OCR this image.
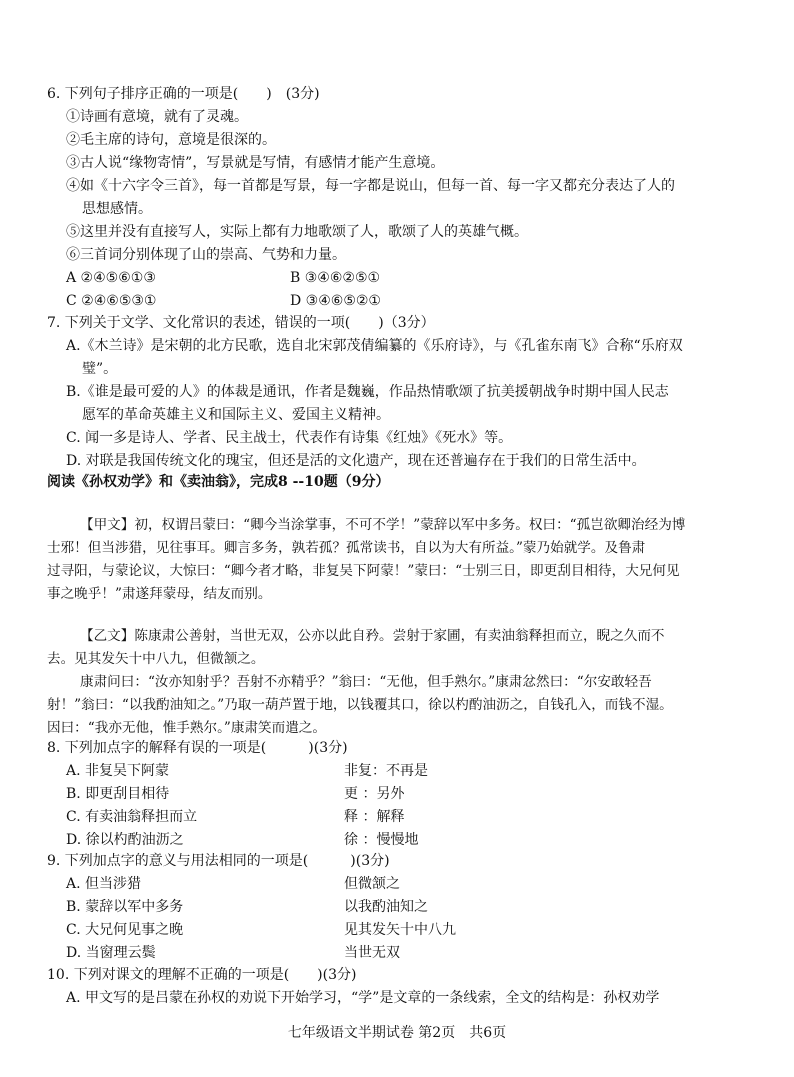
6. 下列句子排序正确的一项是(　　)　(3分)
①诗画有意境，就有了灵魂。
②毛主席的诗句，意境是很深的。
③古人说“缘物寄情”，写景就是写情，有感情才能产生意境。
④如《十六字令三首》，每一首都是写景，每一字都是说山，但每一首、每一字又都充分表达了人的
思想感情。
⑤这里并没有直接写人，实际上都有力地歌颂了人，歌颂了人的英雄气概。
⑥三首词分别体现了山的崇高、气势和力量。
A ②④⑤⑥①③	B ③④⑥②⑤①
C ②④⑥⑤③①	D ③④⑥⑤②①
7. 下列关于文学、文化常识的表述，错误的一项(　　)（3分）
A.《木兰诗》是宋朝的北方民歌，选自北宋郭茂倩编纂的《乐府诗》，与《孔雀东南飞》合称“乐府双
璧”。
B.《谁是最可爱的人》的体裁是通讯，作者是魏巍，作品热情歌颂了抗美援朝战争时期中国人民志
愿军的革命英雄主义和国际主义、爱国主义精神。
C. 闻一多是诗人、学者、民主战士，代表作有诗集《红烛》《死水》等。
D. 对联是我国传统文化的瑰宝，但还是活的文化遗产，现在还普遍存在于我们的日常生活中。
阅读《孙权劝学》和《卖油翁》，完成8 --10题（9分）
【甲文】初，权谓吕蒙曰：“卿今当涂掌事，不可不学！”蒙辞以军中多务。权曰：“孤岂欲卿治经为博
士邪！但当涉猎，见往事耳。卿言多务，孰若孤？孤常读书，自以为大有所益。”蒙乃始就学。及鲁肃
过寻阳，与蒙论议，大惊曰：“卿今者才略，非复吴下阿蒙！”蒙曰：“士别三日，即更刮目相待，大兄何见
事之晚乎！”肃遂拜蒙母，结友而别。
【乙文】陈康肃公善射，当世无双，公亦以此自矜。尝射于家圃，有卖油翁释担而立，睨之久而不
去。见其发矢十中八九，但微颔之。
康肃问曰：“汝亦知射乎？吾射不亦精乎？”翁曰：“无他，但手熟尔。”康肃忿然曰：“尔安敢轻吾
射！”翁曰：“以我酌油知之。”乃取一葫芦置于地，以钱覆其口，徐以杓酌油沥之，自钱孔入，而钱不湿。
因曰：“我亦无他，惟手熟尔。”康肃笑而遣之。
8. 下列加点字的解释有误的一项是(　　　)(3分)
A. 非复吴下阿蒙	非复：不再是
B. 即更刮目相待	更 ：另外
C. 有卖油翁释担而立	释 ：解释
D. 徐以杓酌油沥之	徐 ：慢慢地
9. 下列加点字的意义与用法相同的一项是(　　　)(3分)
A. 但当涉猎	但微颔之
B. 蒙辞以军中多务	以我酌油知之
C. 大兄何见事之晚	见其发矢十中八九
D. 当窗理云鬓	当世无双
10. 下列对课文的理解不正确的一项是(　　)(3分)
A. 甲文写的是吕蒙在孙权的劝说下开始学习，“学”是文章的一条线索，全文的结构是：孙权劝学
七年级语文半期试卷 第2页　共6页
